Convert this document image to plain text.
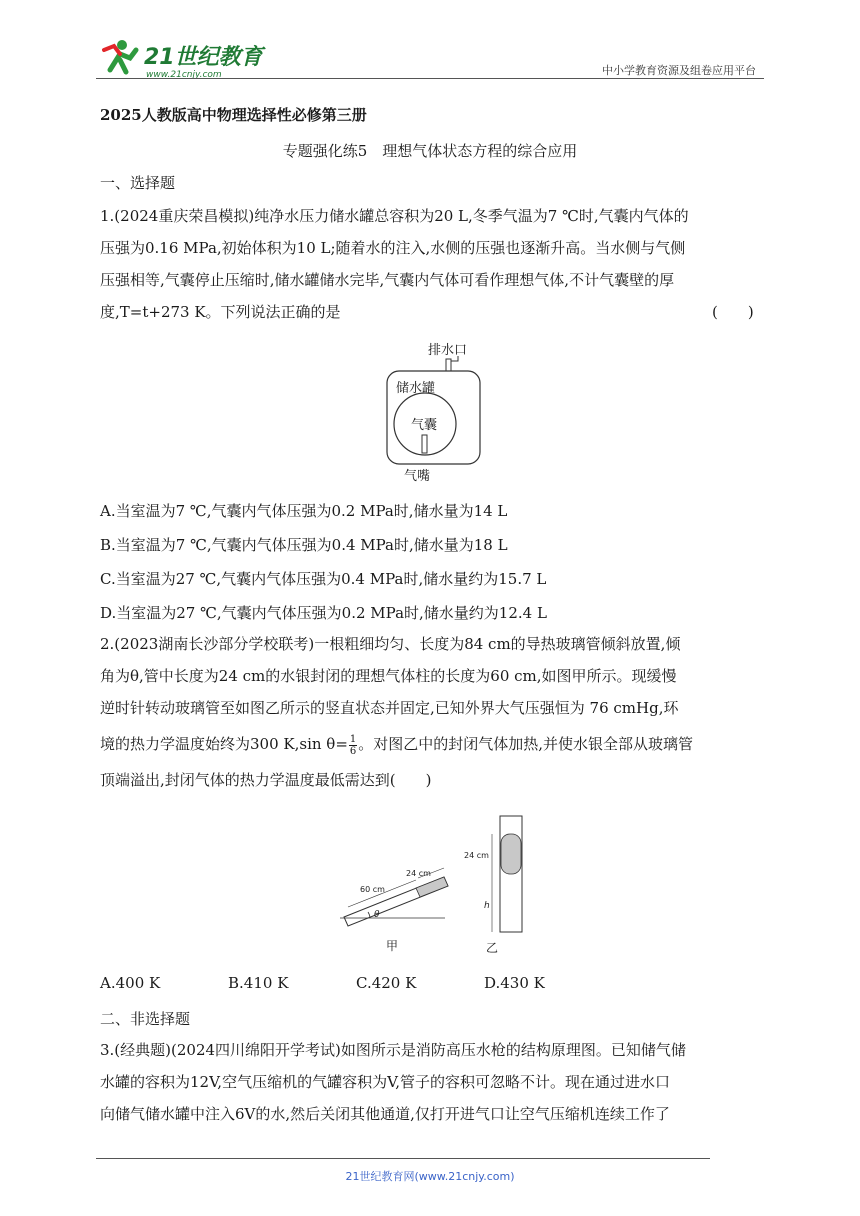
21世纪教育
www.21cnjy.com	中小学教育资源及组卷应用平台
2025人教版高中物理选择性必修第三册
专题强化练5　理想气体状态方程的综合应用
一、选择题
1.(2024重庆荣昌模拟)纯净水压力储水罐总容积为20 L,冬季气温为7 ℃时,气囊内气体的
压强为0.16 MPa,初始体积为10 L;随着水的注入,水侧的压强也逐渐升高。当水侧与气侧
压强相等,气囊停止压缩时,储水罐储水完毕,气囊内气体可看作理想气体,不计气囊壁的厚
度,T=t+273 K。下列说法正确的是	(　　)
排水口
储水罐
气囊
气嘴
A.当室温为7 ℃,气囊内气体压强为0.2 MPa时,储水量为14 L
B.当室温为7 ℃,气囊内气体压强为0.4 MPa时,储水量为18 L
C.当室温为27 ℃,气囊内气体压强为0.4 MPa时,储水量约为15.7 L
D.当室温为27 ℃,气囊内气体压强为0.2 MPa时,储水量约为12.4 L
2.(2023湖南长沙部分学校联考)一根粗细均匀、长度为84 cm的导热玻璃管倾斜放置,倾
角为θ,管中长度为24 cm的水银封闭的理想气体柱的长度为60 cm,如图甲所示。现缓慢
逆时针转动玻璃管至如图乙所示的竖直状态并固定,已知外界大气压强恒为 76 cmHg,环
境的热力学温度始终为300 K,sin $\theta= \frac{1}{6}$ 。对图乙中的封闭气体加热,并使水银全部从玻璃管
顶端溢出,封闭气体的热力学温度最低需达到(　　)
60 cm
24 cm
θ
甲
24 cm
h
乙
A.400 K	B.410 K	C.420 K	D.430 K
二、非选择题
3.(经典题)(2024四川绵阳开学考试)如图所示是消防高压水枪的结构原理图。已知储气储
水罐的容积为12V,空气压缩机的气罐容积为V,管子的容积可忽略不计。现在通过进水口
向储气储水罐中注入6V的水,然后关闭其他通道,仅打开进气口让空气压缩机连续工作了
21世纪教育网(www.21cnjy.com)
